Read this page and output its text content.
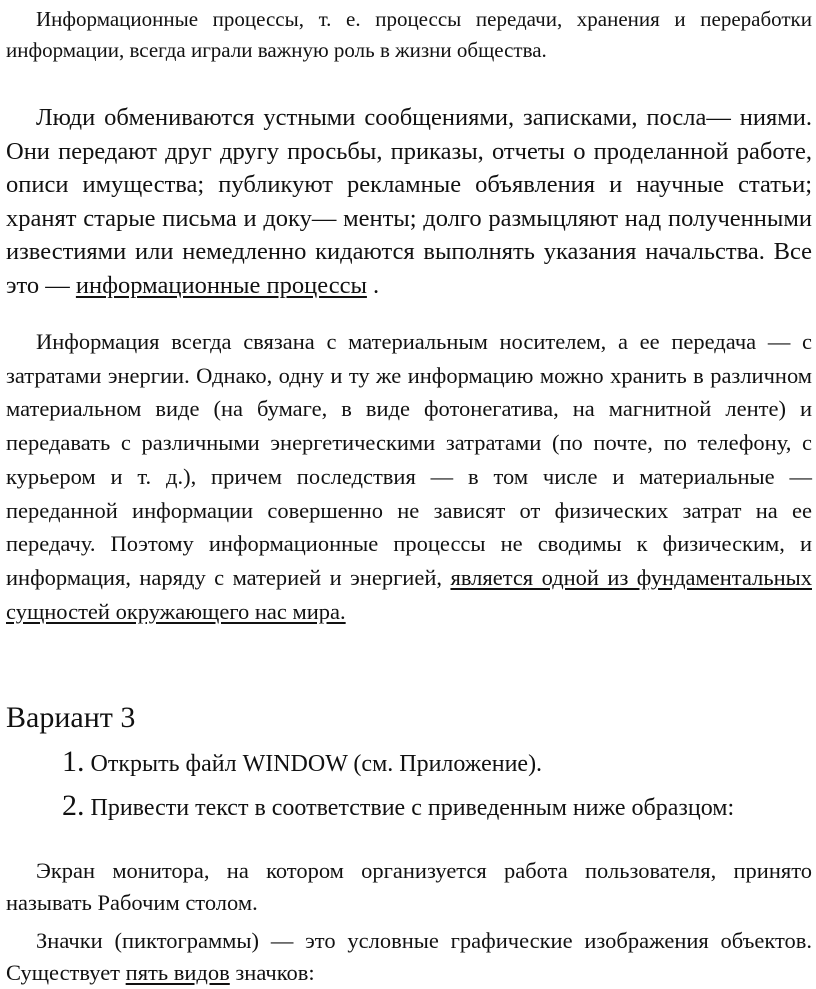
Информационные процессы, т. е. процессы передачи, хранения и переработки информации, всегда играли важную роль в жизни общества.

Люди обмениваются устными сообщениями, записками, посла— ниями. Они передают друг другу просьбы, приказы, отчеты о проделанной работе, описи имущества; публикуют рекламные объявления и научные статьи; хранят старые письма и доку— менты; долго размыцляют над полученными известиями или немедленно кидаются выполнять указания начальства. Все это — информационные процессы .

Информация всегда связана с материальным носителем, а ее передача — с затратами энергии. Однако, одну и ту же информацию можно хранить в различном материальном виде (на бумаге, в виде фотонегатива, на магнитной ленте) и передавать с различными энергетическими затратами (по почте, по телефону, с курьером и т. д.), причем последствия — в том числе и материальные — переданной информации совершенно не зависят от физических затрат на ее передачу. Поэтому информационные процессы не сводимы к физическим, и информация, наряду с материей и энергией, является одной из фундаментальных сущностей окружающего нас мира.

Вариант 3
1. Открыть файл WINDOW (см. Приложение).

2. Привести текст в соответствие с приведенным ниже образцом:

Экран монитора, на котором организуется работа пользователя, принято называть Рабочим столом.

Значки (пиктограммы) — это условные графические изображения объектов. Существует пять видов значков:
